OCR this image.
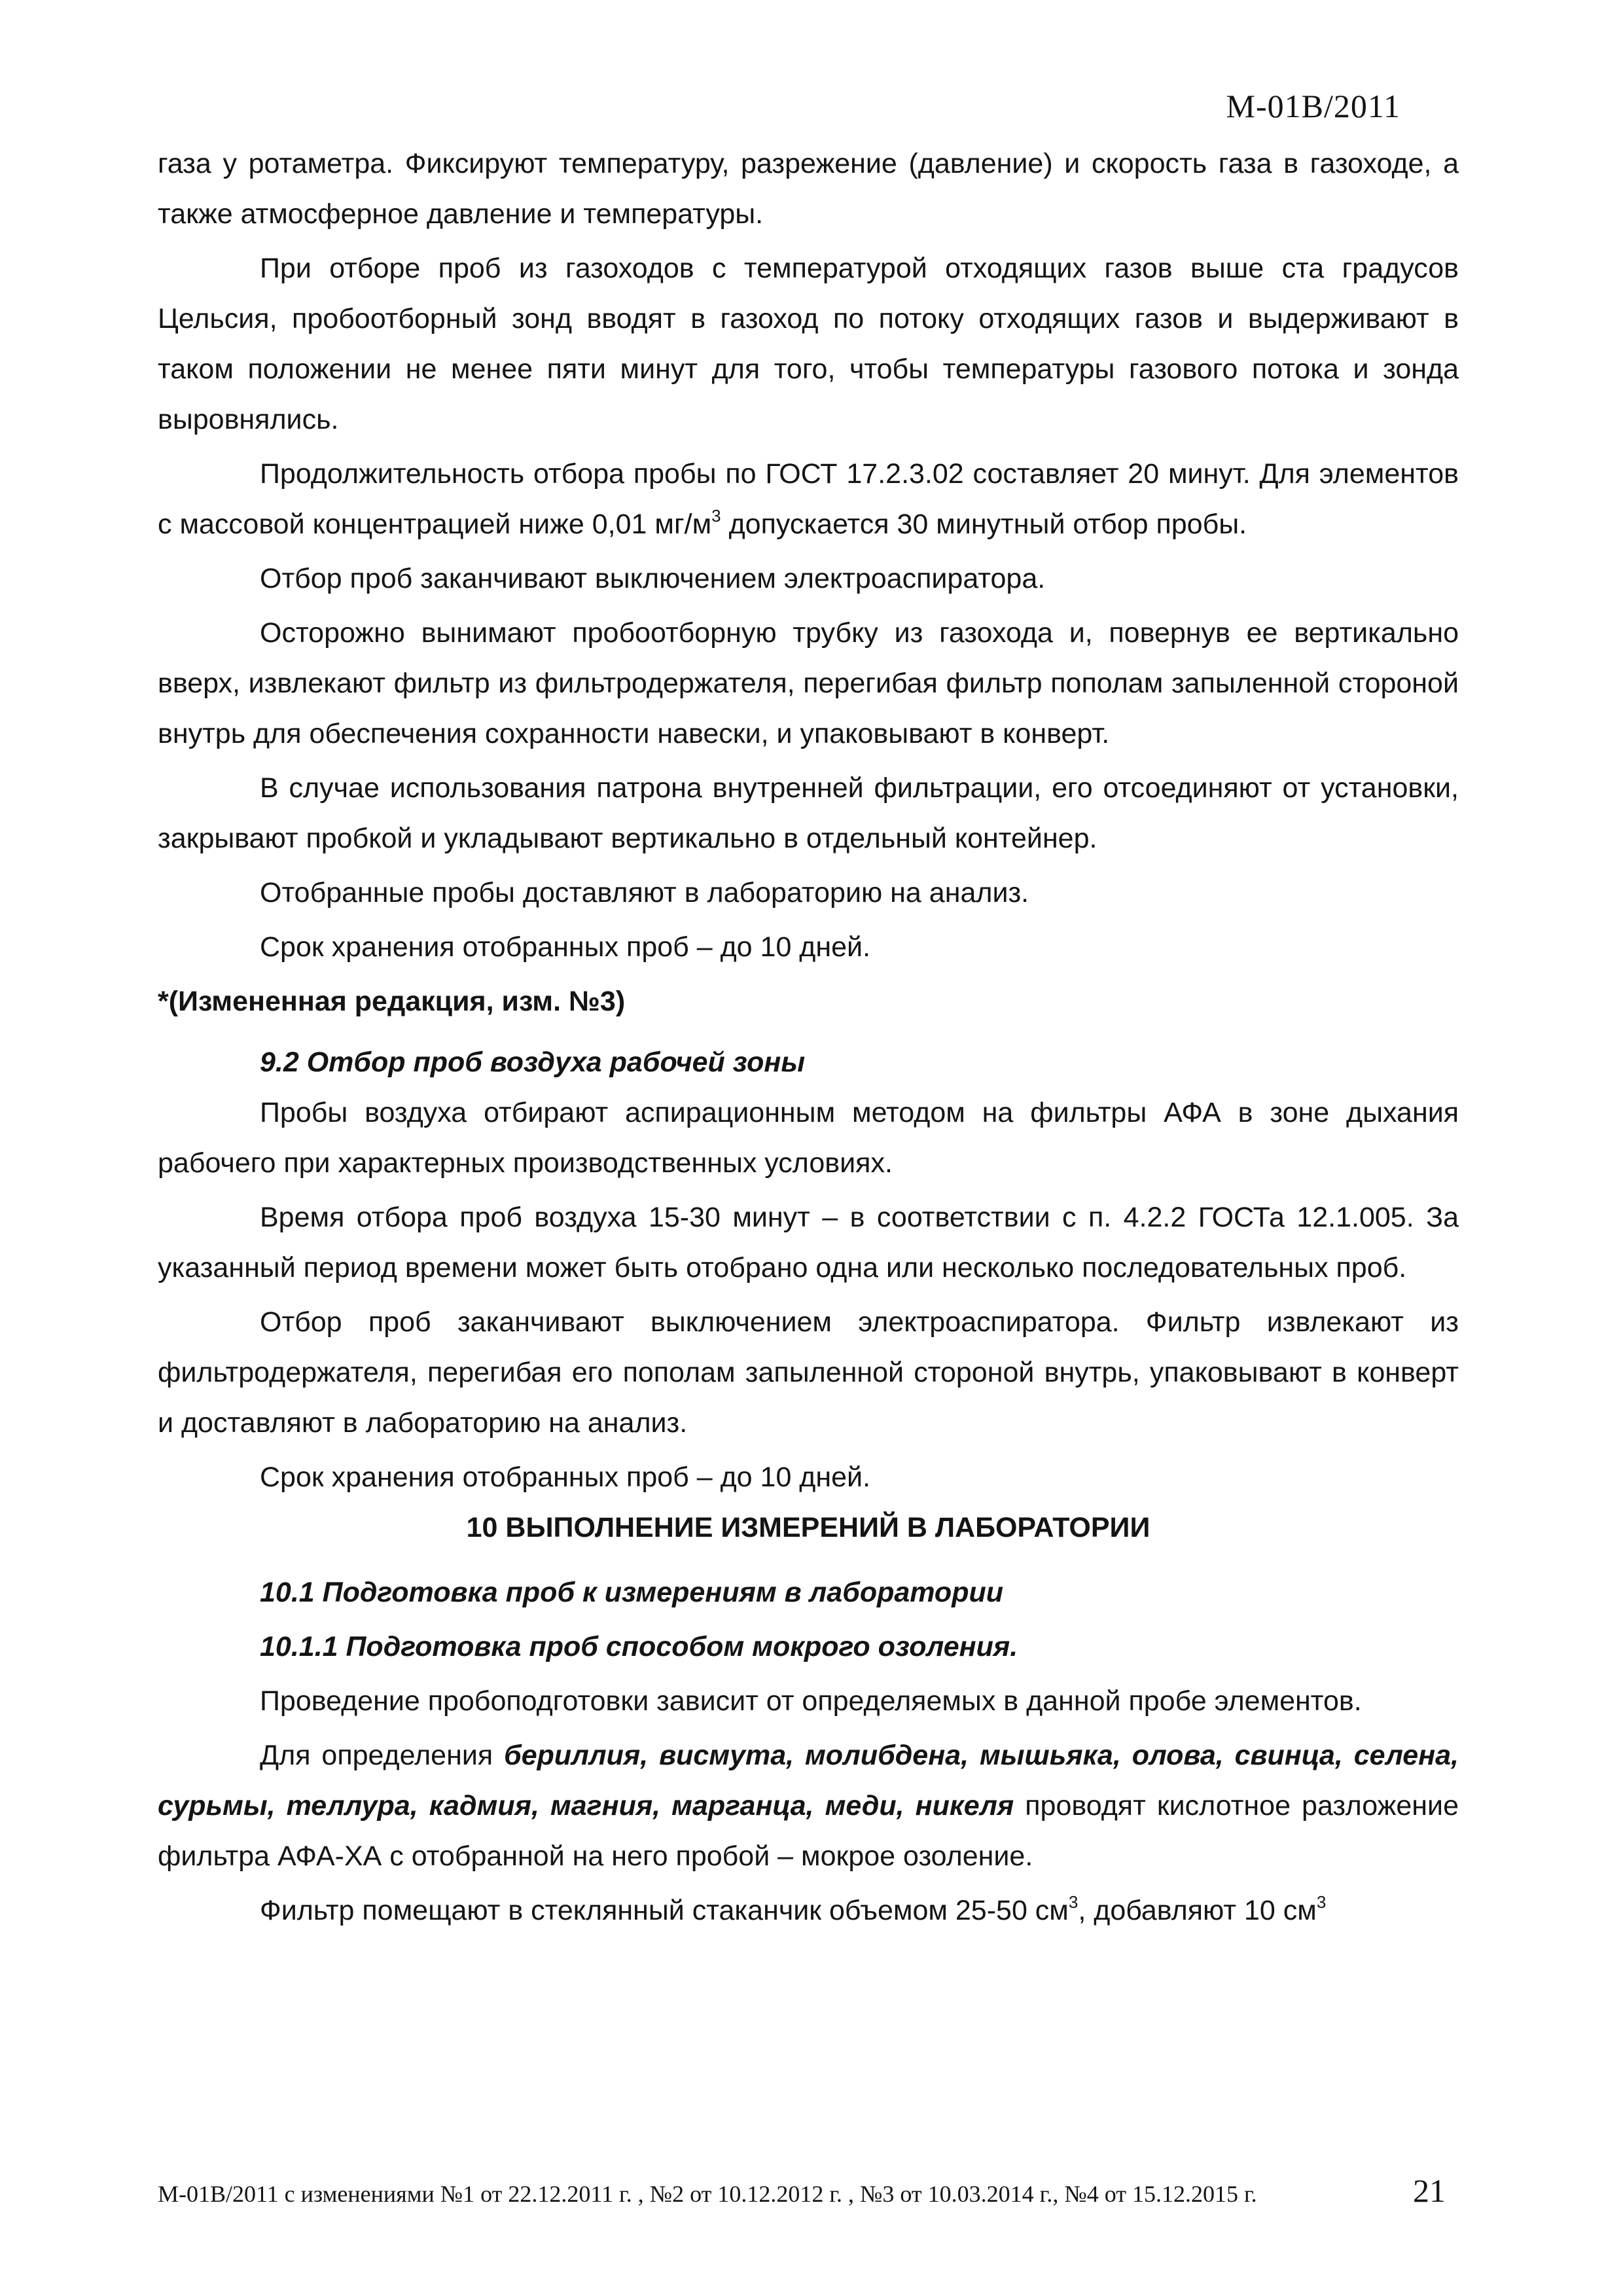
М-01В/2011

газа у ротаметра. Фиксируют температуру, разрежение (давление) и скорость газа в газоходе, а также атмосферное давление и температуры.

При отборе проб из газоходов с температурой отходящих газов выше ста градусов Цельсия, пробоотборный зонд вводят в газоход по потоку отходящих газов и выдерживают в таком положении не менее пяти минут для того, чтобы температуры газового потока и зонда выровнялись.

Продолжительность отбора пробы по ГОСТ 17.2.3.02 составляет 20 минут. Для элементов с массовой концентрацией ниже 0,01 $мг/м^3$ допускается 30 минутный отбор пробы.

Отбор проб заканчивают выключением электроаспиратора.

Осторожно вынимают пробоотборную трубку из газохода и, повернув ее вертикально вверх, извлекают фильтр из фильтродержателя, перегибая фильтр пополам запыленной стороной внутрь для обеспечения сохранности навески, и упаковывают в конверт.

В случае использования патрона внутренней фильтрации, его отсоединяют от установки, закрывают пробкой и укладывают вертикально в отдельный контейнер.

Отобранные пробы доставляют в лабораторию на анализ.

Срок хранения отобранных проб – до 10 дней.

*(Измененная редакция, изм. №3)

9.2 Отбор проб воздуха рабочей зоны

Пробы воздуха отбирают аспирационным методом на фильтры АФА в зоне дыхания рабочего при характерных производственных условиях.

Время отбора проб воздуха 15-30 минут – в соответствии с п. 4.2.2 ГОСТа 12.1.005. За указанный период времени может быть отобрано одна или несколько последовательных проб.

Отбор проб заканчивают выключением электроаспиратора. Фильтр извлекают из фильтродержателя, перегибая его пополам запыленной стороной внутрь, упаковывают в конверт и доставляют в лабораторию на анализ.

Срок хранения отобранных проб – до 10 дней.

10 ВЫПОЛНЕНИЕ ИЗМЕРЕНИЙ В ЛАБОРАТОРИИ

10.1 Подготовка проб к измерениям в лаборатории

10.1.1 Подготовка проб способом мокрого озоления.

Проведение пробоподготовки зависит от определяемых в данной пробе элементов.

Для определения бериллия, висмута, молибдена, мышьяка, олова, свинца, селена, сурьмы, теллура, кадмия, магния, марганца, меди, никеля проводят кислотное разложение фильтра АФА-ХА с отобранной на него пробой – мокрое озоление.

Фильтр помещают в стеклянный стаканчик объемом 25-50 $см^3$, добавляют 10 $см^3$

М-01В/2011 с изменениями №1 от 22.12.2011 г. , №2 от 10.12.2012 г. , №3 от 10.03.2014 г., №4 от 15.12.2015 г.	21
